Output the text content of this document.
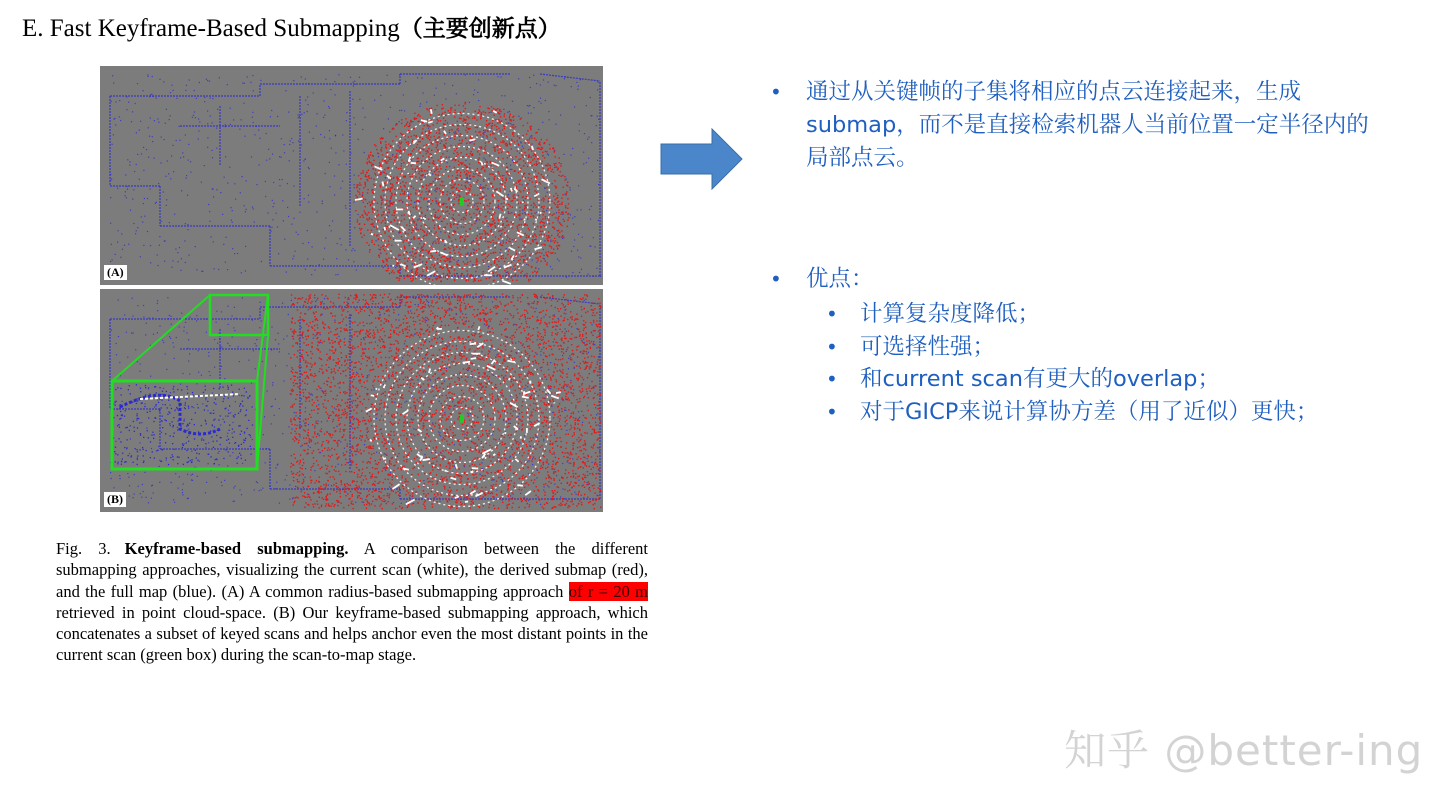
E. Fast Keyframe-Based Submapping（主要创新点）
(A)
(B)
Fig. 3. Keyframe-based submapping. A comparison between the different submapping approaches, visualizing the current scan (white), the derived submap (red), and the full map (blue). (A) A common radius-based submapping approach of r = 20 m retrieved in point cloud-space. (B) Our keyframe-based submapping approach, which concatenates a subset of keyed scans and helps anchor even the most distant points in the current scan (green box) during the scan-to-map stage.
• 通过从关键帧的子集将相应的点云连接起来，生成submap，而不是直接检索机器人当前位置一定半径内的局部点云。
• 优点：
• 计算复杂度降低；
• 可选择性强；
• 和current scan有更大的overlap；
• 对于GICP来说计算协方差（用了近似）更快；
知乎 @better-ing
